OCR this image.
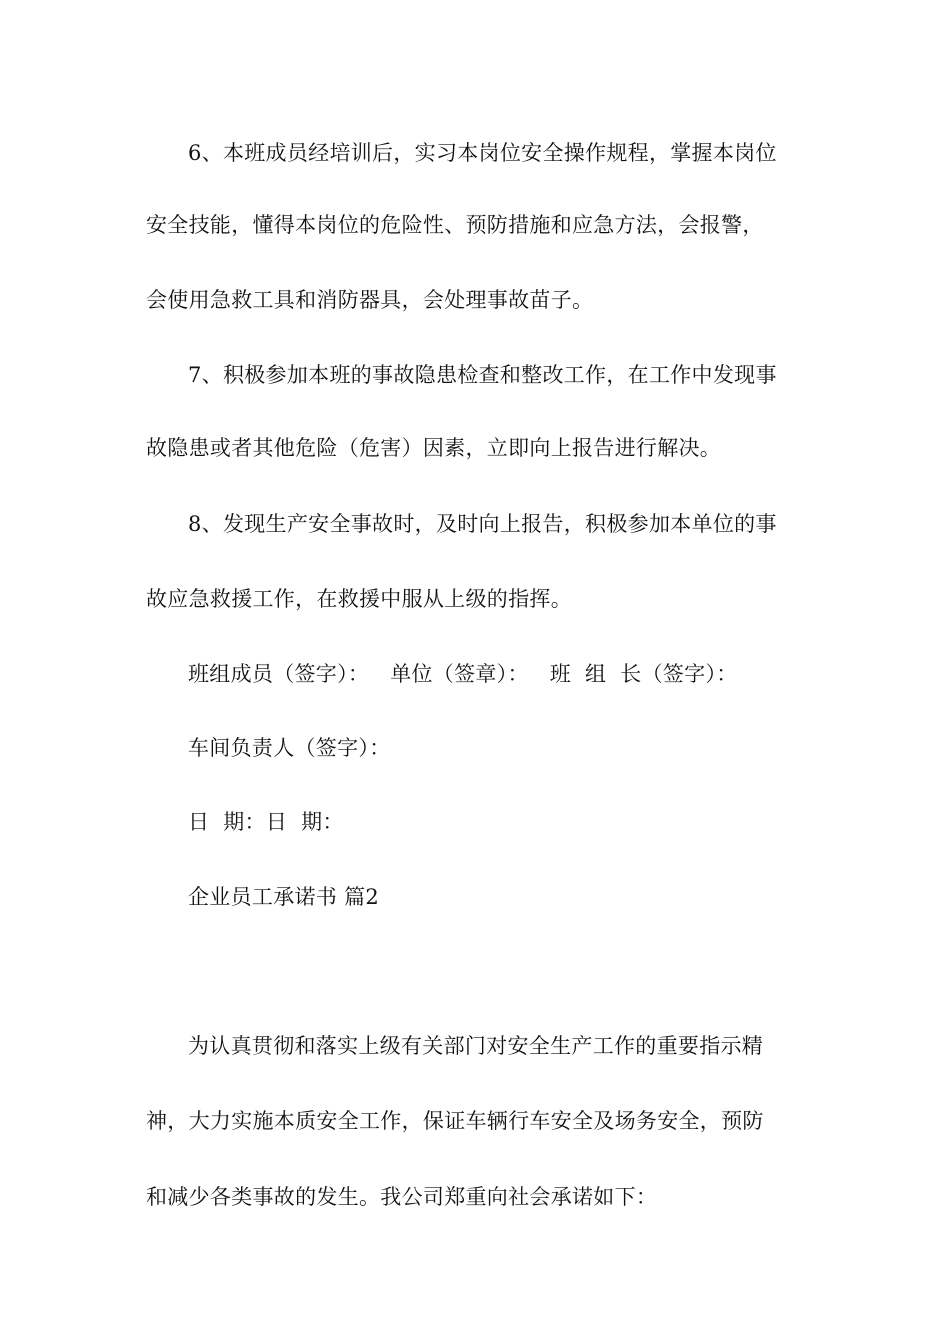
6、本班成员经培训后，实习本岗位安全操作规程，掌握本岗位
安全技能，懂得本岗位的危险性、预防措施和应急方法，会报警，
会使用急救工具和消防器具，会处理事故苗子。
7、积极参加本班的事故隐患检查和整改工作，在工作中发现事
故隐患或者其他危险（危害）因素，立即向上报告进行解决。
8、发现生产安全事故时，及时向上报告，积极参加本单位的事
故应急救援工作，在救援中服从上级的指挥。
班组成员（签字）： 单位（签章）： 班  组  长（签字）：
车间负责人（签字）：
日  期：日  期：
企业员工承诺书 篇2
为认真贯彻和落实上级有关部门对安全生产工作的重要指示精
神，大力实施本质安全工作，保证车辆行车安全及场务安全，预防
和减少各类事故的发生。我公司郑重向社会承诺如下：
